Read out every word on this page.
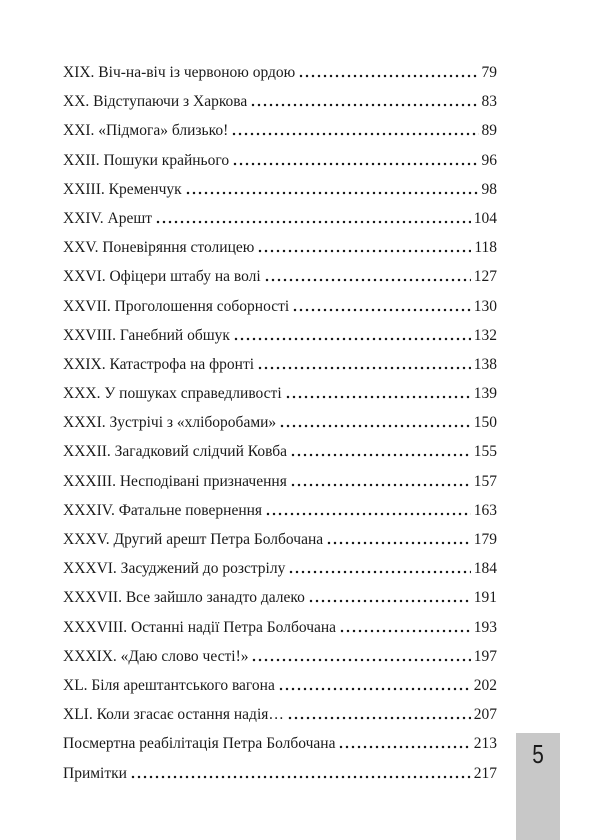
XIX. Віч-на-віч із червоною ордою	79
XX. Відступаючи з Харкова	83
XXI. «Підмога» близько!	89
XXII. Пошуки крайнього	96
XXIII. Кременчук	98
XXIV. Арешт	104
XXV. Поневіряння столицею	118
XXVI. Офіцери штабу на волі	127
XXVII. Проголошення соборності	130
XXVIII. Ганебний обшук	132
XXIX. Катастрофа на фронті	138
XXX. У пошуках справедливості	139
XXXI. Зустрічі з «хліборобами»	150
XXXII. Загадковий слідчий Ковба	155
XXXIII. Несподівані призначення	157
XXXIV. Фатальне повернення	163
XXXV. Другий арешт Петра Болбочана	179
XXXVI. Засуджений до розстрілу	184
XXXVII. Все зайшло занадто далеко	191
XXXVIII. Останні надії Петра Болбочана	193
XXXIX. «Даю слово честі!»	197
XL. Біля арештантського вагона	202
XLI. Коли згасає остання надія…	207
Посмертна реабілітація Петра Болбочана	213
Примітки	217
5
